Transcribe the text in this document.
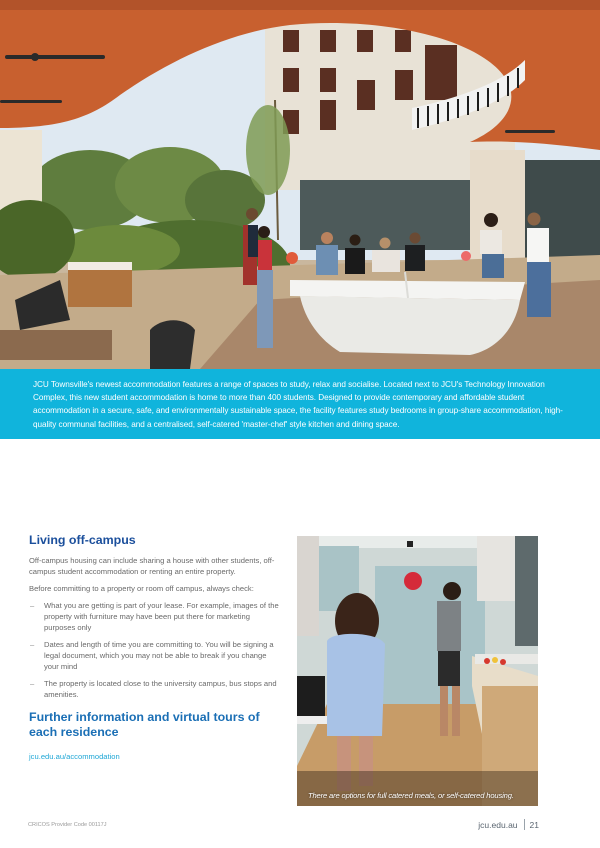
JCU Townsville's newest accommodation features a range of spaces to study, relax and socialise. Located next to JCU's Technology Innovation Complex, this new student accommodation is home to more than 400 students. Designed to provide contemporary and affordable student accommodation in a secure, safe, and environmentally sustainable space, the facility features study bedrooms in group-share accommodation, high-quality communal facilities, and a centralised, self-catered 'master-chef' style kitchen and dining space.

Living off-campus

Off-campus housing can include sharing a house with other students, off-campus student accommodation or renting an entire property.

Before committing to a property or room off campus, always check:

– What you are getting is part of your lease. For example, images of the property with furniture may have been put there for marketing purposes only
– Dates and length of time you are committing to. You will be signing a legal document, which you may not be able to break if you change your mind
– The property is located close to the university campus, bus stops and amenities.
Further information and virtual tours of each residence
jcu.edu.au/accommodation
There are options for full catered meals, or self-catered housing.
CRICOS Provider Code 00117J	jcu.edu.au 21
